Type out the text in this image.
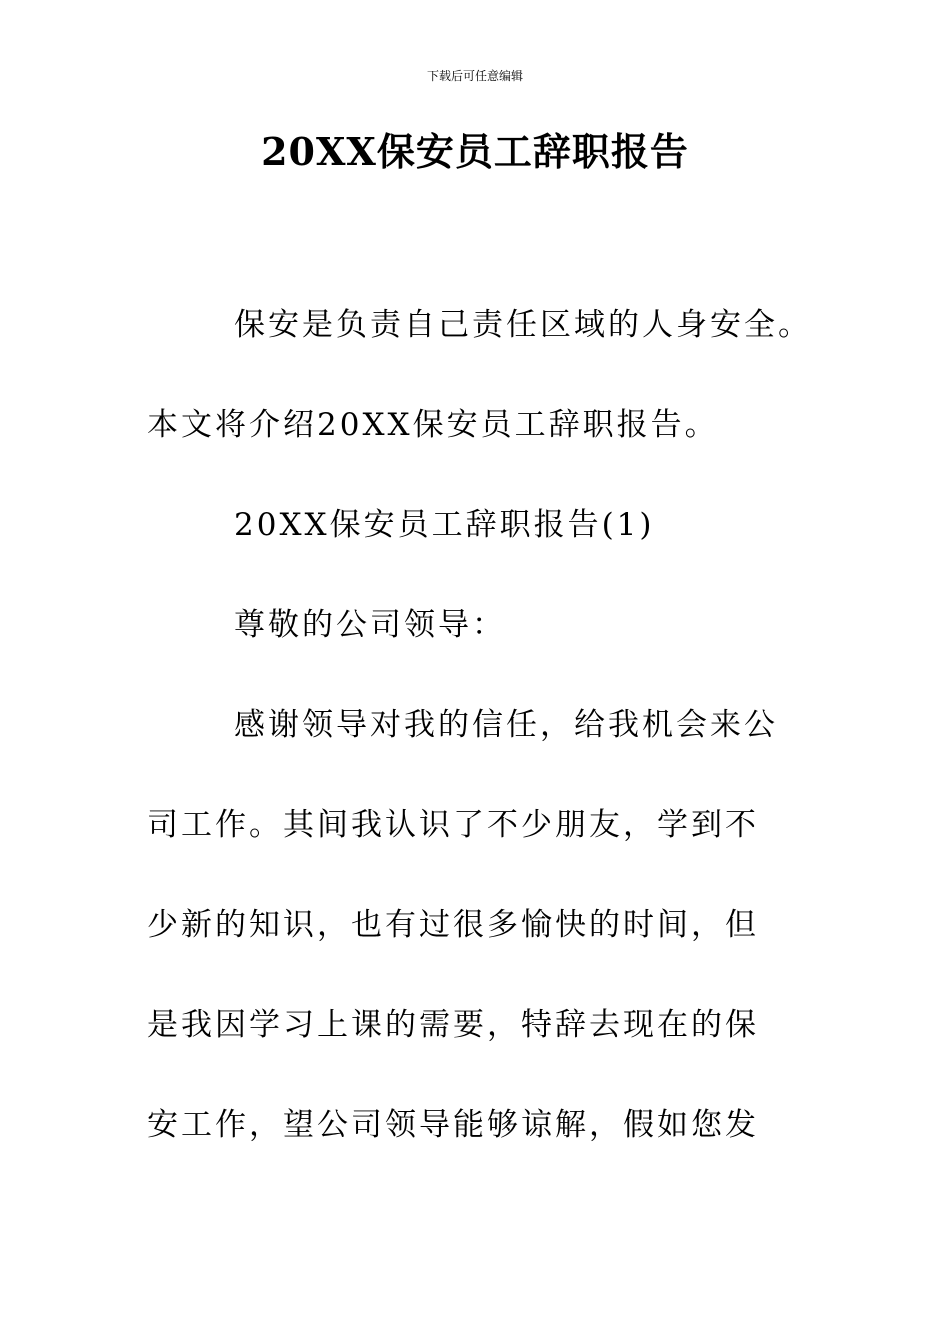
下载后可任意编辑
20XX保安员工辞职报告
保安是负责自己责任区域的人身安全。
本文将介绍20XX保安员工辞职报告。
20XX保安员工辞职报告(1)
尊敬的公司领导：
感谢领导对我的信任，给我机会来公
司工作。其间我认识了不少朋友，学到不
少新的知识，也有过很多愉快的时间，但
是我因学习上课的需要，特辞去现在的保
安工作，望公司领导能够谅解，假如您发
